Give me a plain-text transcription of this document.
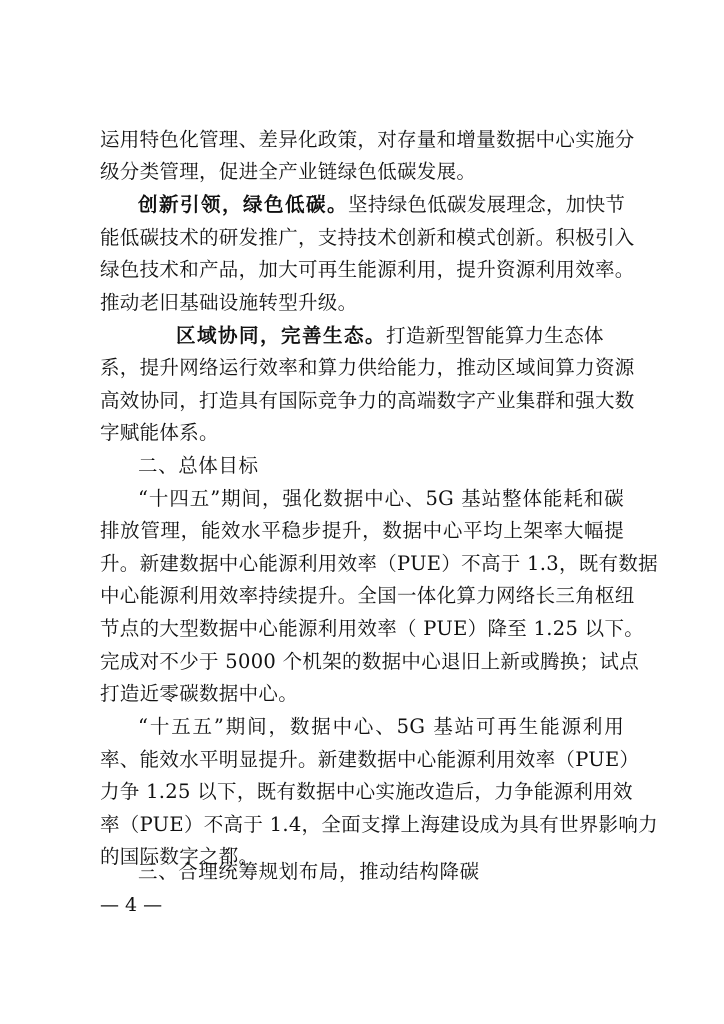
运用特色化管理、差异化政策，对存量和增量数据中心实施分
级分类管理，促进全产业链绿色低碳发展。
创新引领，绿色低碳。坚持绿色低碳发展理念，加快节
能低碳技术的研发推广，支持技术创新和模式创新。积极引入
绿色技术和产品，加大可再生能源利用，提升资源利用效率。
推动老旧基础设施转型升级。
区域协同，完善生态。打造新型智能算力生态体
系，提升网络运行效率和算力供给能力，推动区域间算力资源
高效协同，打造具有国际竞争力的高端数字产业集群和强大数
字赋能体系。
二、总体目标
“十四五”期间，强化数据中心、5G 基站整体能耗和碳
排放管理，能效水平稳步提升，数据中心平均上架率大幅提
升。新建数据中心能源利用效率（PUE）不高于 1.3，既有数据
中心能源利用效率持续提升。全国一体化算力网络长三角枢纽
节点的大型数据中心能源利用效率（ PUE）降至 1.25 以下。
完成对不少于 5000 个机架的数据中心退旧上新或腾换；试点
打造近零碳数据中心。
“十五五”期间，数据中心、5G 基站可再生能源利用
率、能效水平明显提升。新建数据中心能源利用效率（PUE）
力争 1.25 以下，既有数据中心实施改造后，力争能源利用效
率（PUE）不高于 1.4，全面支撑上海建设成为具有世界影响力
的国际数字之都。
三、合理统筹规划布局，推动结构降碳
— 4 —
